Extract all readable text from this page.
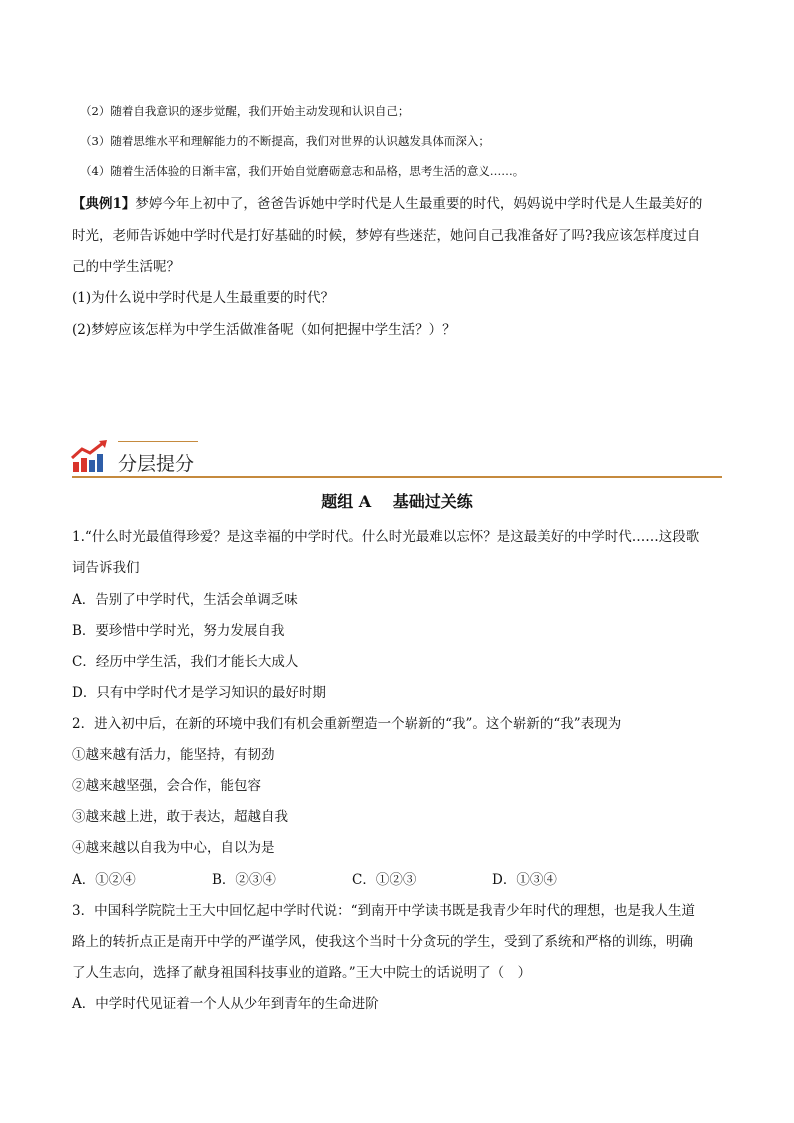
（2）随着自我意识的逐步觉醒，我们开始主动发现和认识自己；
（3）随着思维水平和理解能力的不断提高，我们对世界的认识越发具体而深入；
（4）随着生活体验的日渐丰富，我们开始自觉磨砺意志和品格，思考生活的意义……。
【典例1】梦婷今年上初中了，爸爸告诉她中学时代是人生最重要的时代，妈妈说中学时代是人生最美好的
时光，老师告诉她中学时代是打好基础的时候，梦婷有些迷茫，她问自己我准备好了吗?我应该怎样度过自
己的中学生活呢？
(1)为什么说中学时代是人生最重要的时代？
(2)梦婷应该怎样为中学生活做准备呢（如何把握中学生活？）？
分层提分
题组 A　 基础过关练
1.“什么时光最值得珍爱？是这幸福的中学时代。什么时光最难以忘怀？是这最美好的中学时代……这段歌
词告诉我们
A．告别了中学时代，生活会单调乏味
B．要珍惜中学时光，努力发展自我
C．经历中学生活，我们才能长大成人
D．只有中学时代才是学习知识的最好时期
2．进入初中后，在新的环境中我们有机会重新塑造一个崭新的“我”。这个崭新的“我”表现为
①越来越有活力，能坚持，有韧劲
②越来越坚强，会合作，能包容
③越来越上进，敢于表达，超越自我
④越来越以自我为中心，自以为是
A．①②④	B．②③④	C．①②③	D．①③④
3．中国科学院院士王大中回忆起中学时代说：“到南开中学读书既是我青少年时代的理想，也是我人生道
路上的转折点正是南开中学的严谨学风，使我这个当时十分贪玩的学生，受到了系统和严格的训练，明确
了人生志向，选择了献身祖国科技事业的道路。”王大中院士的话说明了（　）
A．中学时代见证着一个人从少年到青年的生命进阶
